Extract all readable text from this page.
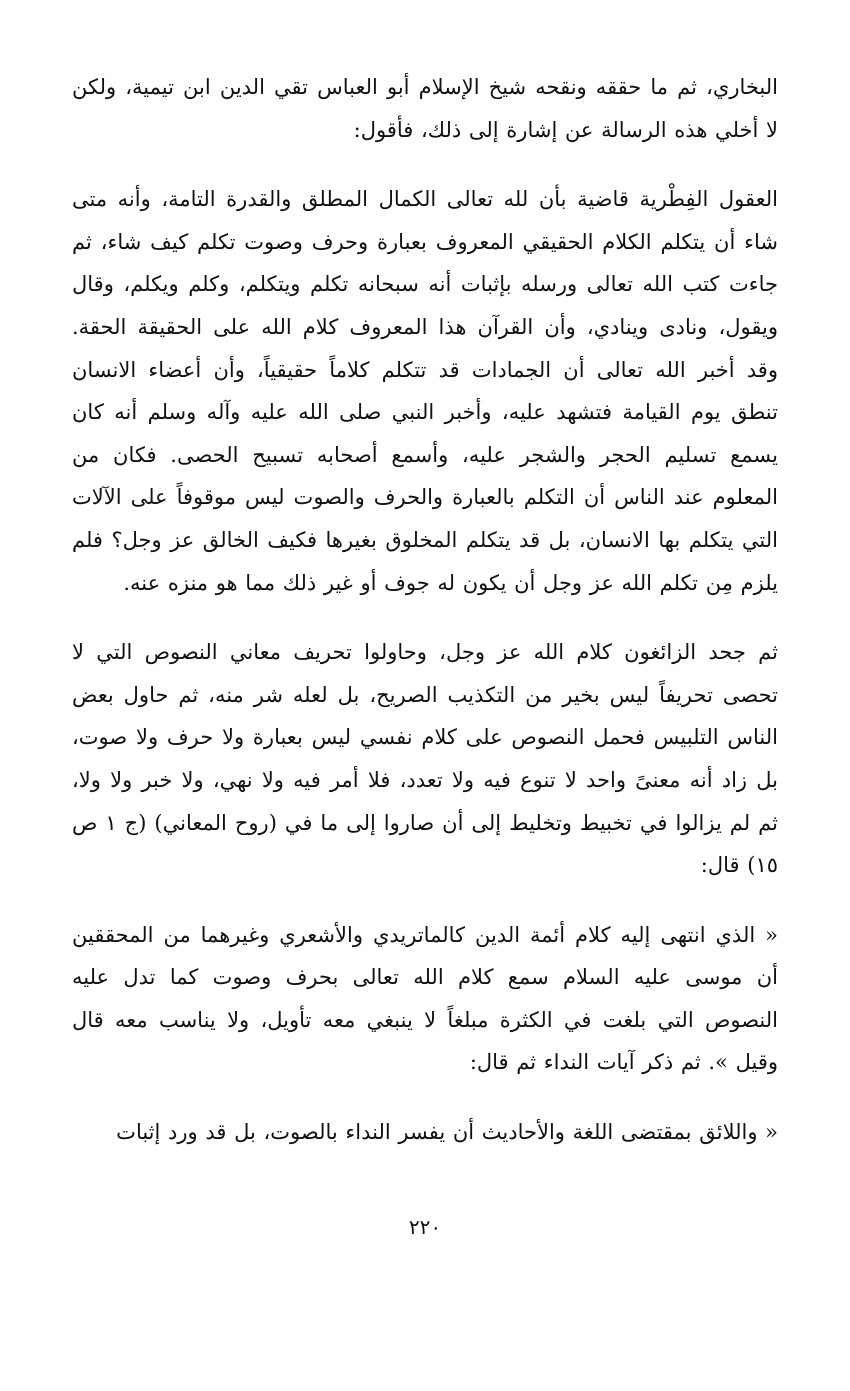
البخاري، ثم ما حققه ونقحه شيخ الإسلام أبو العباس تقي الدين ابن تيمية، ولكن لا أخلي هذه الرسالة عن إشارة إلى ذلك، فأقول:

العقول الفِطْرية قاضية بأن لله تعالى الكمال المطلق والقدرة التامة، وأنه متى شاء أن يتكلم الكلام الحقيقي المعروف بعبارة وحرف وصوت تكلم كيف شاء، ثم جاءت كتب الله تعالى ورسله بإثبات أنه سبحانه تكلم ويتكلم، وكلم ويكلم، وقال ويقول، ونادى وينادي، وأن القرآن هذا المعروف كلام الله على الحقيقة الحقة. وقد أخبر الله تعالى أن الجمادات قد تتكلم كلاماً حقيقياً، وأن أعضاء الانسان تنطق يوم القيامة فتشهد عليه، وأخبر النبي صلى الله عليه وآله وسلم أنه كان يسمع تسليم الحجر والشجر عليه، وأسمع أصحابه تسبيح الحصى. فكان من المعلوم عند الناس أن التكلم بالعبارة والحرف والصوت ليس موقوفاً على الآلات التي يتكلم بها الانسان، بل قد يتكلم المخلوق بغيرها فكيف الخالق عز وجل؟ فلم يلزم مِن تكلم الله عز وجل أن يكون له جوف أو غير ذلك مما هو منزه عنه.

ثم جحد الزائغون كلام الله عز وجل، وحاولوا تحريف معاني النصوص التي لا تحصى تحريفاً ليس بخير من التكذيب الصريح، بل لعله شر منه، ثم حاول بعض الناس التلبيس فحمل النصوص على كلام نفسي ليس بعبارة ولا حرف ولا صوت، بل زاد أنه معنىً واحد لا تنوع فيه ولا تعدد، فلا أمر فيه ولا نهي، ولا خبر ولا ولا، ثم لم يزالوا في تخبيط وتخليط إلى أن صاروا إلى ما في (روح المعاني) (ج ١ ص ١٥) قال:

« الذي انتهى إليه كلام أئمة الدين كالماتريدي والأشعري وغيرهما من المحققين أن موسى عليه السلام سمع كلام الله تعالى بحرف وصوت كما تدل عليه النصوص التي بلغت في الكثرة مبلغاً لا ينبغي معه تأويل، ولا يناسب معه قال وقيل ». ثم ذكر آيات النداء ثم قال:

« واللائق بمقتضى اللغة والأحاديث أن يفسر النداء بالصوت، بل قد ورد إثبات

٢٢٠
